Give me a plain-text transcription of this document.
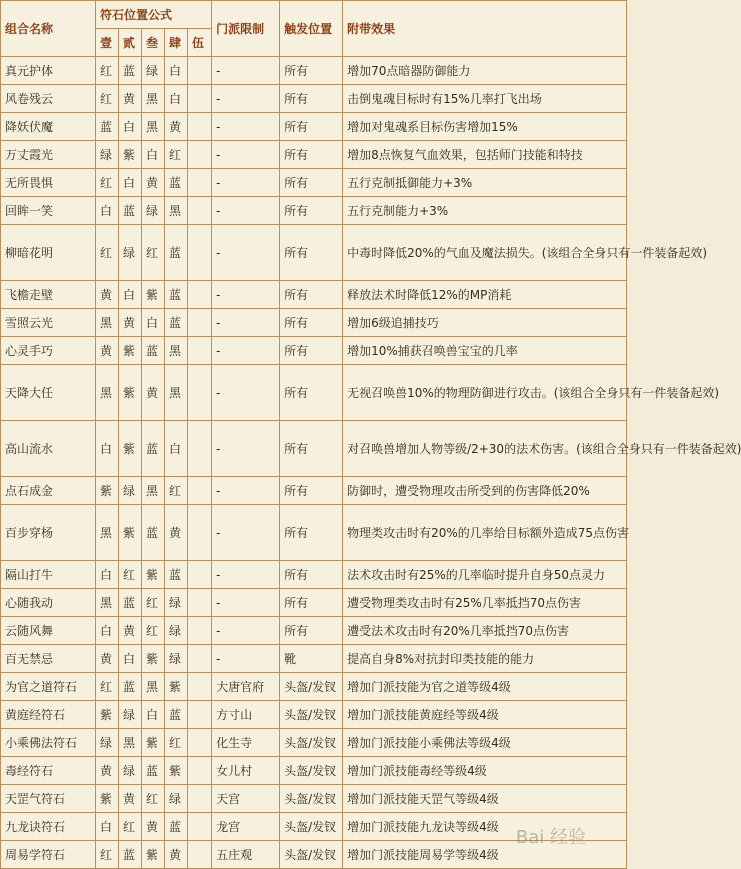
组合名称	符石位置公式					门派限制	触发位置	附带效果
	壹	贰	叁	肆	伍			
真元护体	红	蓝	绿	白		-	所有	增加70点暗器防御能力
风卷残云	红	黄	黑	白		-	所有	击倒鬼魂目标时有15%几率打飞出场
降妖伏魔	蓝	白	黑	黄		-	所有	增加对鬼魂系目标伤害增加15%
万丈霞光	绿	紫	白	红		-	所有	增加8点恢复气血效果，包括师门技能和特技
无所畏惧	红	白	黄	蓝		-	所有	五行克制抵御能力+3%
回眸一笑	白	蓝	绿	黑		-	所有	五行克制能力+3%
柳暗花明	红	绿	红	蓝		-	所有	中毒时降低20%的气血及魔法损失。(该组合全身只有一件装备起效)
飞檐走壁	黄	白	紫	蓝		-	所有	释放法术时降低12%的MP消耗
雪照云光	黑	黄	白	蓝		-	所有	增加6级追捕技巧
心灵手巧	黄	紫	蓝	黑		-	所有	增加10%捕获召唤兽宝宝的几率
天降大任	黑	紫	黄	黑		-	所有	无视召唤兽10%的物理防御进行攻击。(该组合全身只有一件装备起效)
高山流水	白	紫	蓝	白		-	所有	对召唤兽增加人物等级/2+30的法术伤害。(该组合全身只有一件装备起效)
点石成金	紫	绿	黑	红		-	所有	防御时，遭受物理攻击所受到的伤害降低20%
百步穿杨	黑	紫	蓝	黄		-	所有	物理类攻击时有20%的几率给目标额外造成75点伤害
隔山打牛	白	红	紫	蓝		-	所有	法术攻击时有25%的几率临时提升自身50点灵力
心随我动	黑	蓝	红	绿		-	所有	遭受物理类攻击时有25%几率抵挡70点伤害
云随风舞	白	黄	红	绿		-	所有	遭受法术攻击时有20%几率抵挡70点伤害
百无禁忌	黄	白	紫	绿		-	靴	提高自身8%对抗封印类技能的能力
为官之道符石	红	蓝	黑	紫		大唐官府	头盔/发钗	增加门派技能为官之道等级4级
黄庭经符石	紫	绿	白	蓝		方寸山	头盔/发钗	增加门派技能黄庭经等级4级
小乘佛法符石	绿	黑	紫	红		化生寺	头盔/发钗	增加门派技能小乘佛法等级4级
毒经符石	黄	绿	蓝	紫		女儿村	头盔/发钗	增加门派技能毒经等级4级
天罡气符石	紫	黄	红	绿		天宫	头盔/发钗	增加门派技能天罡气等级4级
九龙诀符石	白	红	黄	蓝		龙宫	头盔/发钗	增加门派技能九龙诀等级4级
周易学符石	红	蓝	紫	黄		五庄观	头盔/发钗	增加门派技能周易学等级4级
Bai 经验
